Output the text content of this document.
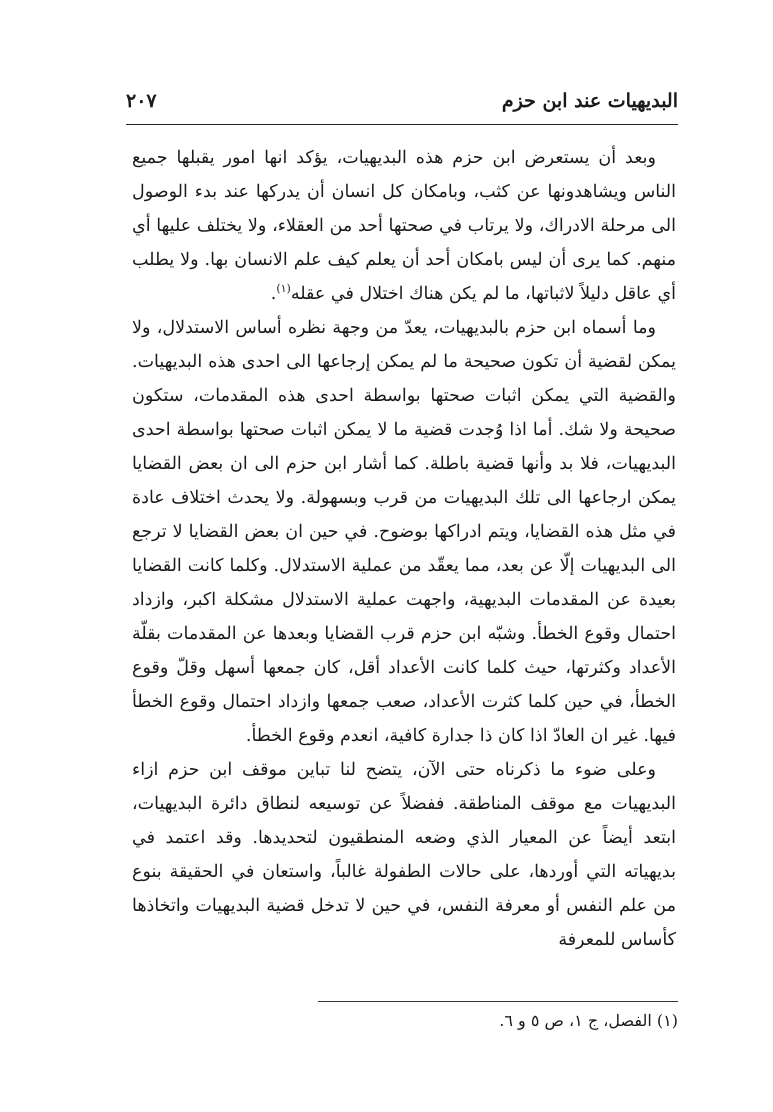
البديهيات عند ابن حزم
٢٠٧

وبعد أن يستعرض ابن حزم هذه البديهيات، يؤكد انها امور يقبلها جميع الناس ويشاهدونها عن كثب، وبامكان كل انسان أن يدركها عند بدء الوصول الى مرحلة الادراك، ولا يرتاب في صحتها أحد من العقلاء، ولا يختلف عليها أي منهم. كما يرى أن ليس بامكان أحد أن يعلم كيف علم الانسان بها. ولا يطلب أي عاقل دليلاً لاثباتها، ما لم يكن هناك اختلال في عقله$^{(١)}$.

وما أسماه ابن حزم بالبديهيات، يعدّ من وجهة نظره أساس الاستدلال، ولا يمكن لقضية أن تكون صحيحة ما لم يمكن إرجاعها الى احدى هذه البديهيات. والقضية التي يمكن اثبات صحتها بواسطة احدى هذه المقدمات، ستكون صحيحة ولا شك. أما اذا وُجدت قضية ما لا يمكن اثبات صحتها بواسطة احدى البديهيات، فلا بد وأنها قضية باطلة. كما أشار ابن حزم الى ان بعض القضايا يمكن ارجاعها الى تلك البديهيات من قرب وبسهولة. ولا يحدث اختلاف عادة في مثل هذه القضايا، ويتم ادراكها بوضوح. في حين ان بعض القضايا لا ترجع الى البديهيات إلّا عن بعد، مما يعقّد من عملية الاستدلال. وكلما كانت القضايا بعيدة عن المقدمات البديهية، واجهت عملية الاستدلال مشكلة اكبر، وازداد احتمال وقوع الخطأ. وشبّه ابن حزم قرب القضايا وبعدها عن المقدمات بقلّة الأعداد وكثرتها، حيث كلما كانت الأعداد أقل، كان جمعها أسهل وقلّ وقوع الخطأ، في حين كلما كثرت الأعداد، صعب جمعها وازداد احتمال وقوع الخطأ فيها. غير ان العادّ اذا كان ذا جدارة كافية، انعدم وقوع الخطأ.

وعلى ضوء ما ذكرناه حتى الآن، يتضح لنا تباين موقف ابن حزم ازاء البديهيات مع موقف المناطقة. ففضلاً عن توسيعه لنطاق دائرة البديهيات، ابتعد أيضاً عن المعيار الذي وضعه المنطقيون لتحديدها. وقد اعتمد في بديهياته التي أوردها، على حالات الطفولة غالباً، واستعان في الحقيقة بنوع من علم النفس أو معرفة النفس، في حين لا تدخل قضية البديهيات واتخاذها كأساس للمعرفة

(١) الفصل، ج ١، ص ٥ و ٦.
